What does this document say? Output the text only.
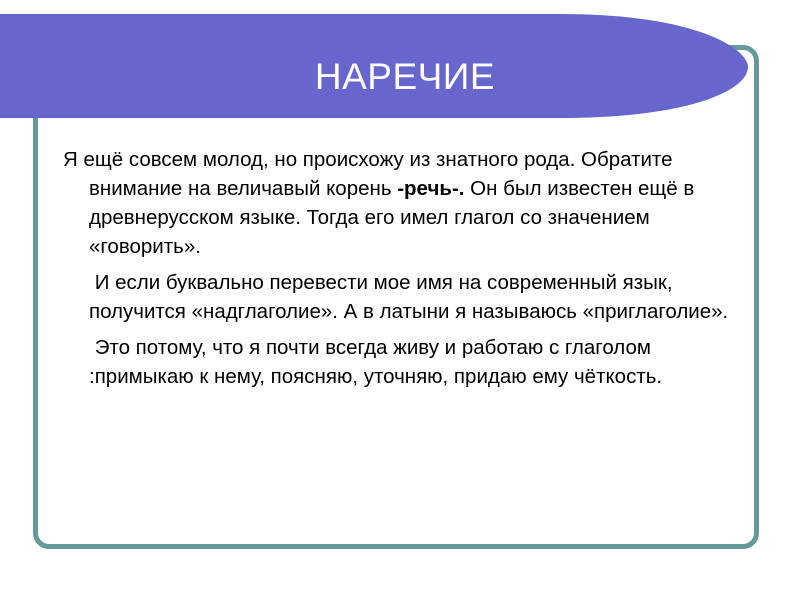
НАРЕЧИЕ

Я ещё совсем молод, но происхожу из знатного рода. Обратите внимание на величавый корень -речь-. Он был известен ещё в древнерусском языке. Тогда его имел глагол со значением «говорить».

И если буквально перевести мое имя на современный язык, получится «надглаголие». А в латыни я называюсь «приглаголие».

Это потому, что я почти всегда живу и работаю с глаголом :примыкаю к нему, поясняю, уточняю, придаю ему чёткость.
